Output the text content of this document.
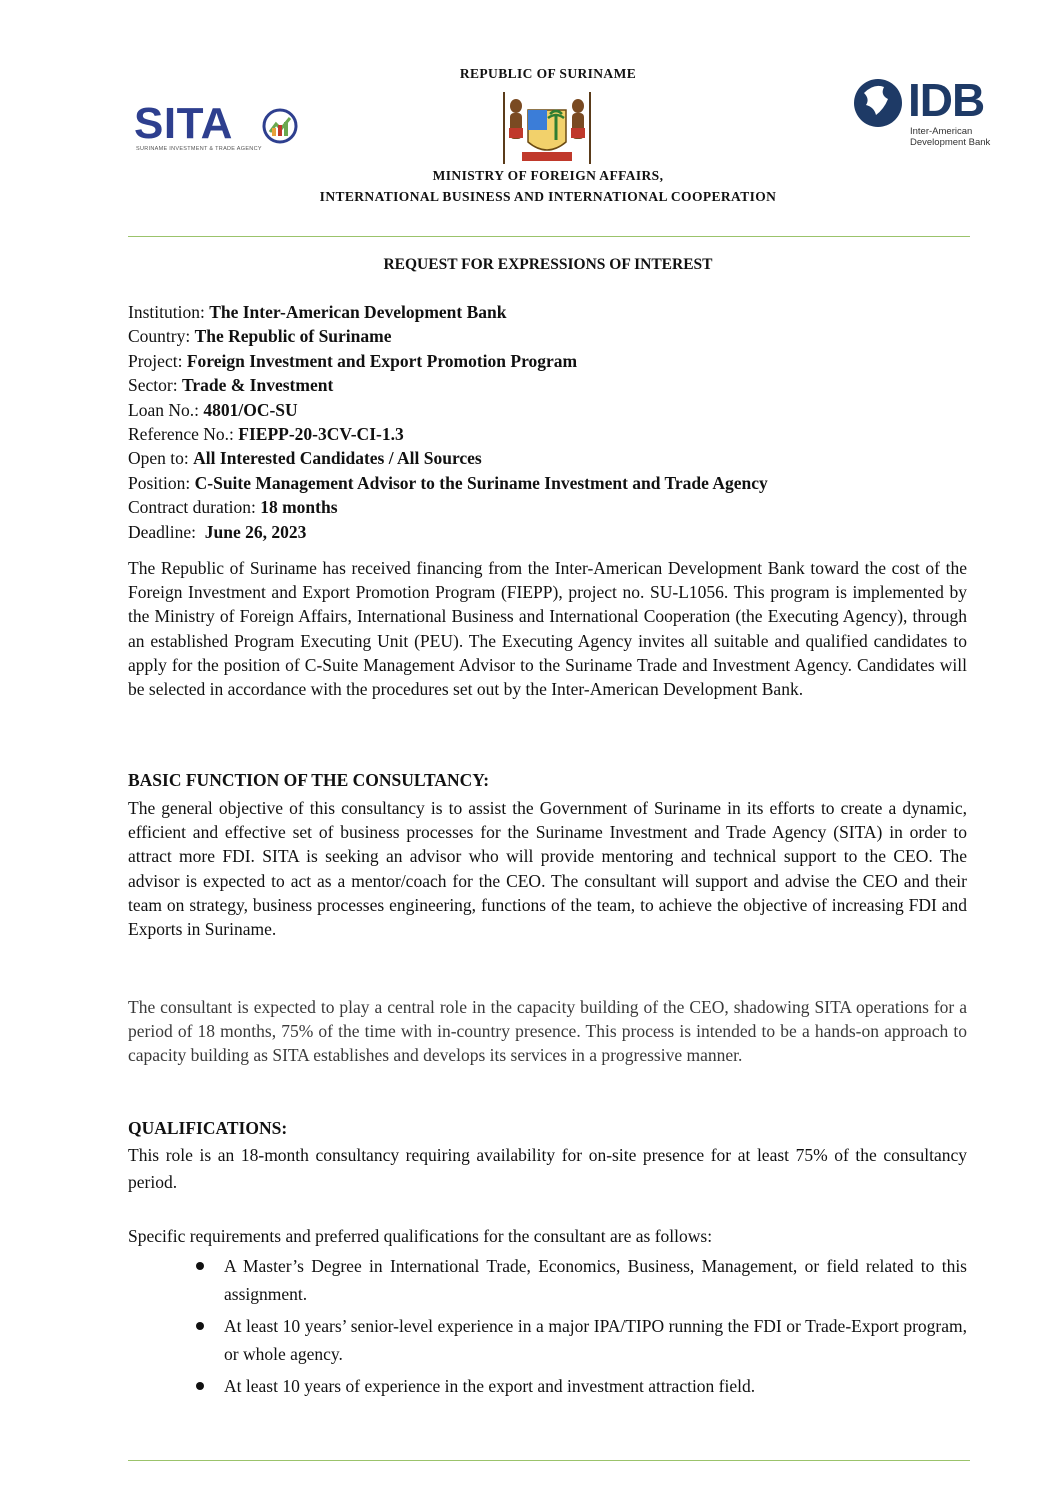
REPUBLIC OF SURINAME
SITA
SURINAME INVESTMENT & TRADE AGENCY
IDB
Inter-American
Development Bank
MINISTRY OF FOREIGN AFFAIRS,
INTERNATIONAL BUSINESS AND INTERNATIONAL COOPERATION
REQUEST FOR EXPRESSIONS OF INTEREST
Institution: The Inter-American Development Bank
Country: The Republic of Suriname
Project: Foreign Investment and Export Promotion Program
Sector: Trade & Investment
Loan No.: 4801/OC-SU
Reference No.: FIEPP-20-3CV-CI-1.3
Open to: All Interested Candidates / All Sources
Position: C-Suite Management Advisor to the Suriname Investment and Trade Agency
Contract duration: 18 months
Deadline:  June 26, 2023

The Republic of Suriname has received financing from the Inter-American Development Bank toward the cost of the Foreign Investment and Export Promotion Program (FIEPP), project no. SU-L1056. This program is implemented by the Ministry of Foreign Affairs, International Business and International Cooperation (the Executing Agency), through an established Program Executing Unit (PEU). The Executing Agency invites all suitable and qualified candidates to apply for the position of C-Suite Management Advisor to the Suriname Trade and Investment Agency. Candidates will be selected in accordance with the procedures set out by the Inter-American Development Bank.

BASIC FUNCTION OF THE CONSULTANCY:

The general objective of this consultancy is to assist the Government of Suriname in its efforts to create a dynamic, efficient and effective set of business processes for the Suriname Investment and Trade Agency (SITA) in order to attract more FDI. SITA is seeking an advisor who will provide mentoring and technical support to the CEO. The advisor is expected to act as a mentor/coach for the CEO. The consultant will support and advise the CEO and their team on strategy, business processes engineering, functions of the team, to achieve the objective of increasing FDI and Exports in Suriname.

The consultant is expected to play a central role in the capacity building of the CEO, shadowing SITA operations for a period of 18 months, 75% of the time with in-country presence. This process is intended to be a hands-on approach to capacity building as SITA establishes and develops its services in a progressive manner.

QUALIFICATIONS:

This role is an 18-month consultancy requiring availability for on-site presence for at least 75% of the consultancy period.

Specific requirements and preferred qualifications for the consultant are as follows:

A Master’s Degree in International Trade, Economics, Business, Management, or field related to this assignment.
At least 10 years’ senior-level experience in a major IPA/TIPO running the FDI or Trade-Export program, or whole agency.
At least 10 years of experience in the export and investment attraction field.
